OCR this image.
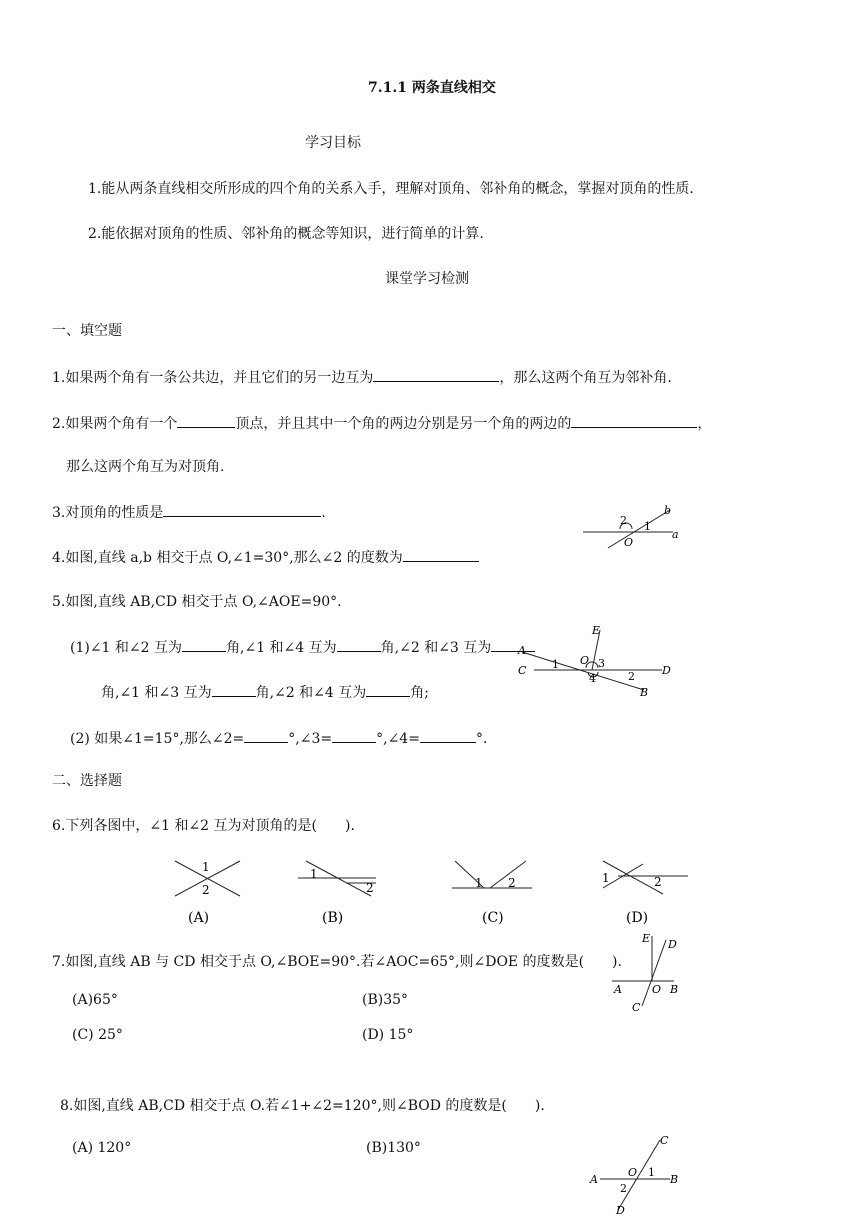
7.1.1 两条直线相交
学习目标
1.能从两条直线相交所形成的四个角的关系入手，理解对顶角、邻补角的概念，掌握对顶角的性质.
2.能依据对顶角的性质、邻补角的概念等知识，进行简单的计算.
课堂学习检测
一、填空题
1.如果两个角有一条公共边，并且它们的另一边互为	，那么这两个角互为邻补角.
2.如果两个角有一个	顶点，并且其中一个角的两边分别是另一个角的两边的	，
那么这两个角互为对顶角.
3.对顶角的性质是	.
4.如图,直线 a,b 相交于点 O,∠1=30°,那么∠2 的度数为
b
a
2 1
O
5.如图,直线 AB,CD 相交于点 O,∠AOE=90°.
(1)∠1 和∠2 互为	角,∠1 和∠4 互为	角,∠2 和∠3 互为
角,∠1 和∠3 互为	角,∠2 和∠4 互为	角;
E
A
C	D
B
O
1	3
4	2
(2) 如果∠1=15°,那么∠2=	°,∠3=	°,∠4=	°.
二、选择题
6.下列各图中，∠1 和∠2 互为对顶角的是(　　).
1
2
(A)
1
2
(B)
1 2
(C)
1	2
(D)
7.如图,直线 AB 与 CD 相交于点 O,∠BOE=90°.若∠AOC=65°,则∠DOE 的度数是(　　).
E D
A	O B
C
(A)65°	(B)35°
(C) 25°	(D) 15°
8.如图,直线 AB,CD 相交于点 O.若∠1+∠2=120°,则∠BOD 的度数是(　　).
(A) 120°	(B)130°	C
A
O 1
B
2
D
